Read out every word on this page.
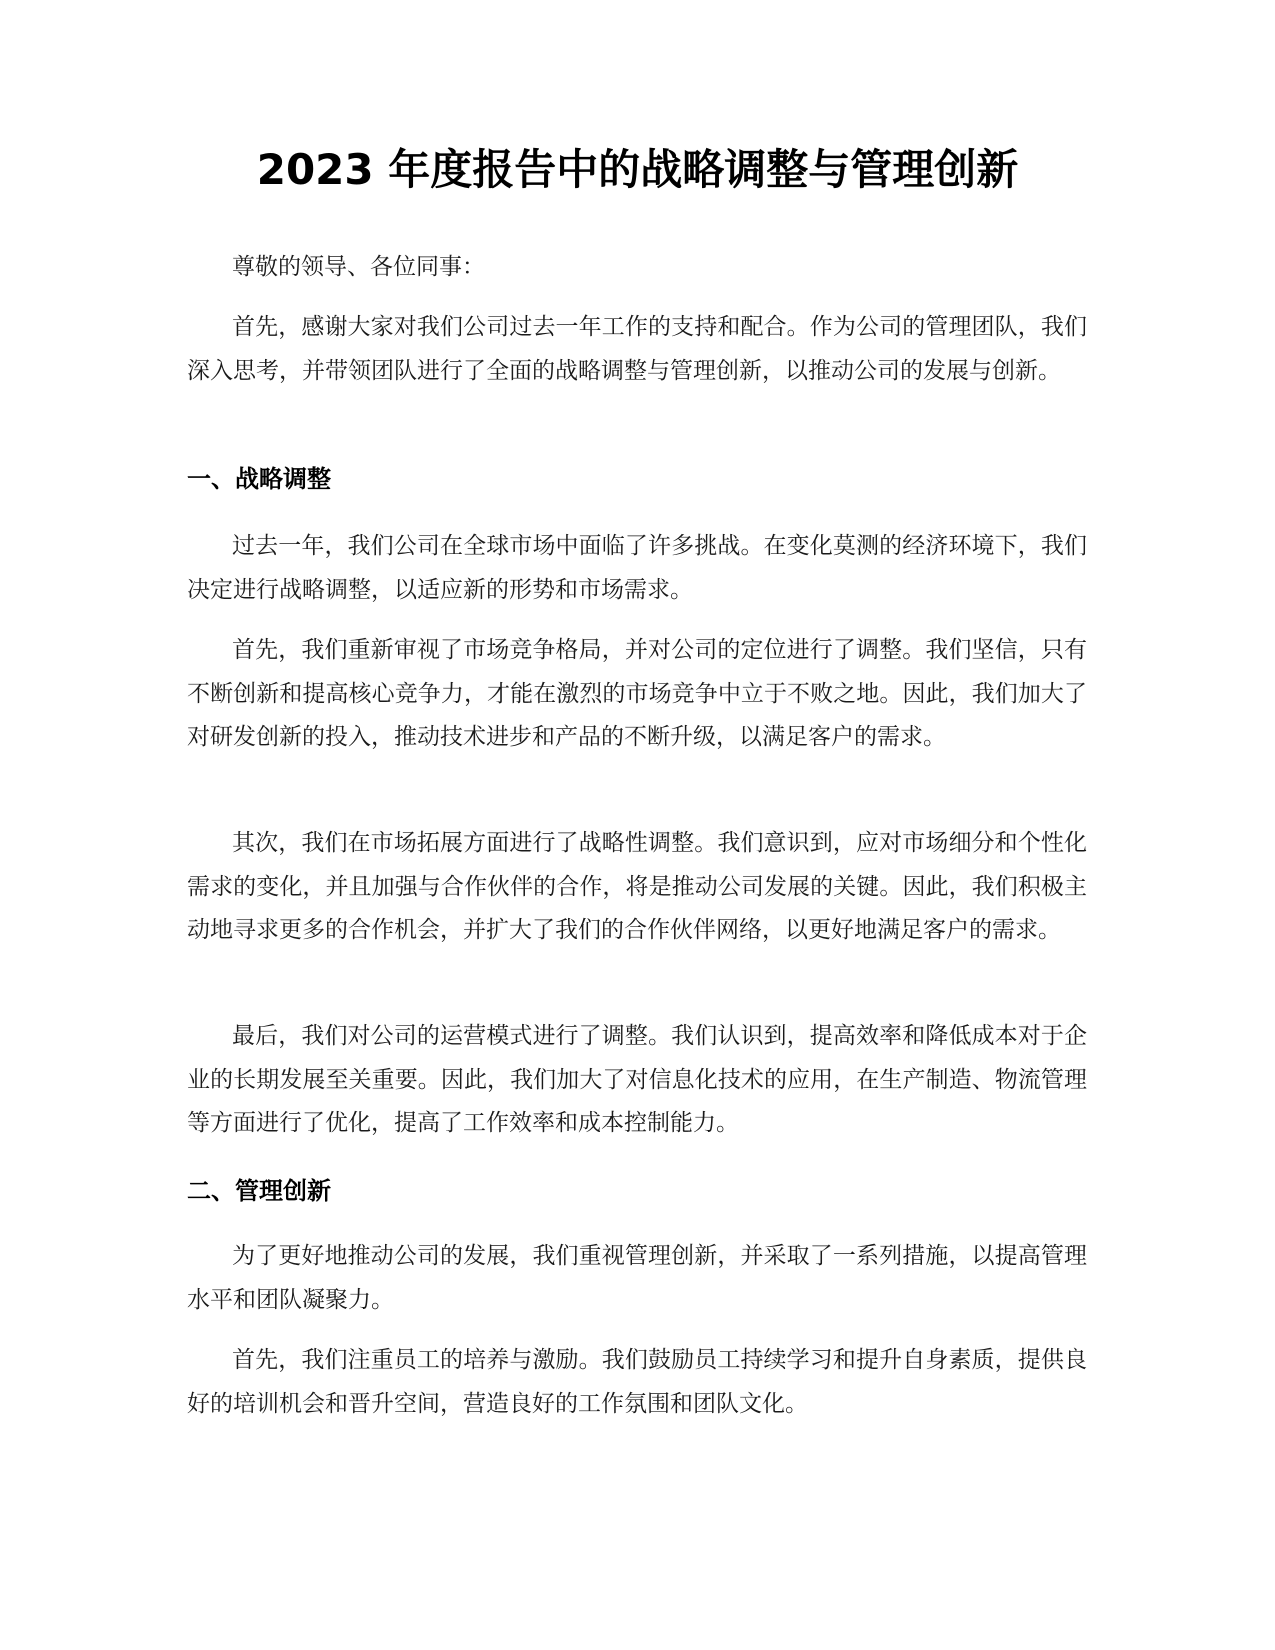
2023 年度报告中的战略调整与管理创新

尊敬的领导、各位同事：

首先，感谢大家对我们公司过去一年工作的支持和配合。作为公司的管理团队，我们深入思考，并带领团队进行了全面的战略调整与管理创新，以推动公司的发展与创新。

一、战略调整

过去一年，我们公司在全球市场中面临了许多挑战。在变化莫测的经济环境下，我们决定进行战略调整，以适应新的形势和市场需求。

首先，我们重新审视了市场竞争格局，并对公司的定位进行了调整。我们坚信，只有不断创新和提高核心竞争力，才能在激烈的市场竞争中立于不败之地。因此，我们加大了对研发创新的投入，推动技术进步和产品的不断升级，以满足客户的需求。

其次，我们在市场拓展方面进行了战略性调整。我们意识到，应对市场细分和个性化需求的变化，并且加强与合作伙伴的合作，将是推动公司发展的关键。因此，我们积极主动地寻求更多的合作机会，并扩大了我们的合作伙伴网络，以更好地满足客户的需求。

最后，我们对公司的运营模式进行了调整。我们认识到，提高效率和降低成本对于企业的长期发展至关重要。因此，我们加大了对信息化技术的应用，在生产制造、物流管理等方面进行了优化，提高了工作效率和成本控制能力。

二、管理创新

为了更好地推动公司的发展，我们重视管理创新，并采取了一系列措施，以提高管理水平和团队凝聚力。

首先，我们注重员工的培养与激励。我们鼓励员工持续学习和提升自身素质，提供良好的培训机会和晋升空间，营造良好的工作氛围和团队文化。
